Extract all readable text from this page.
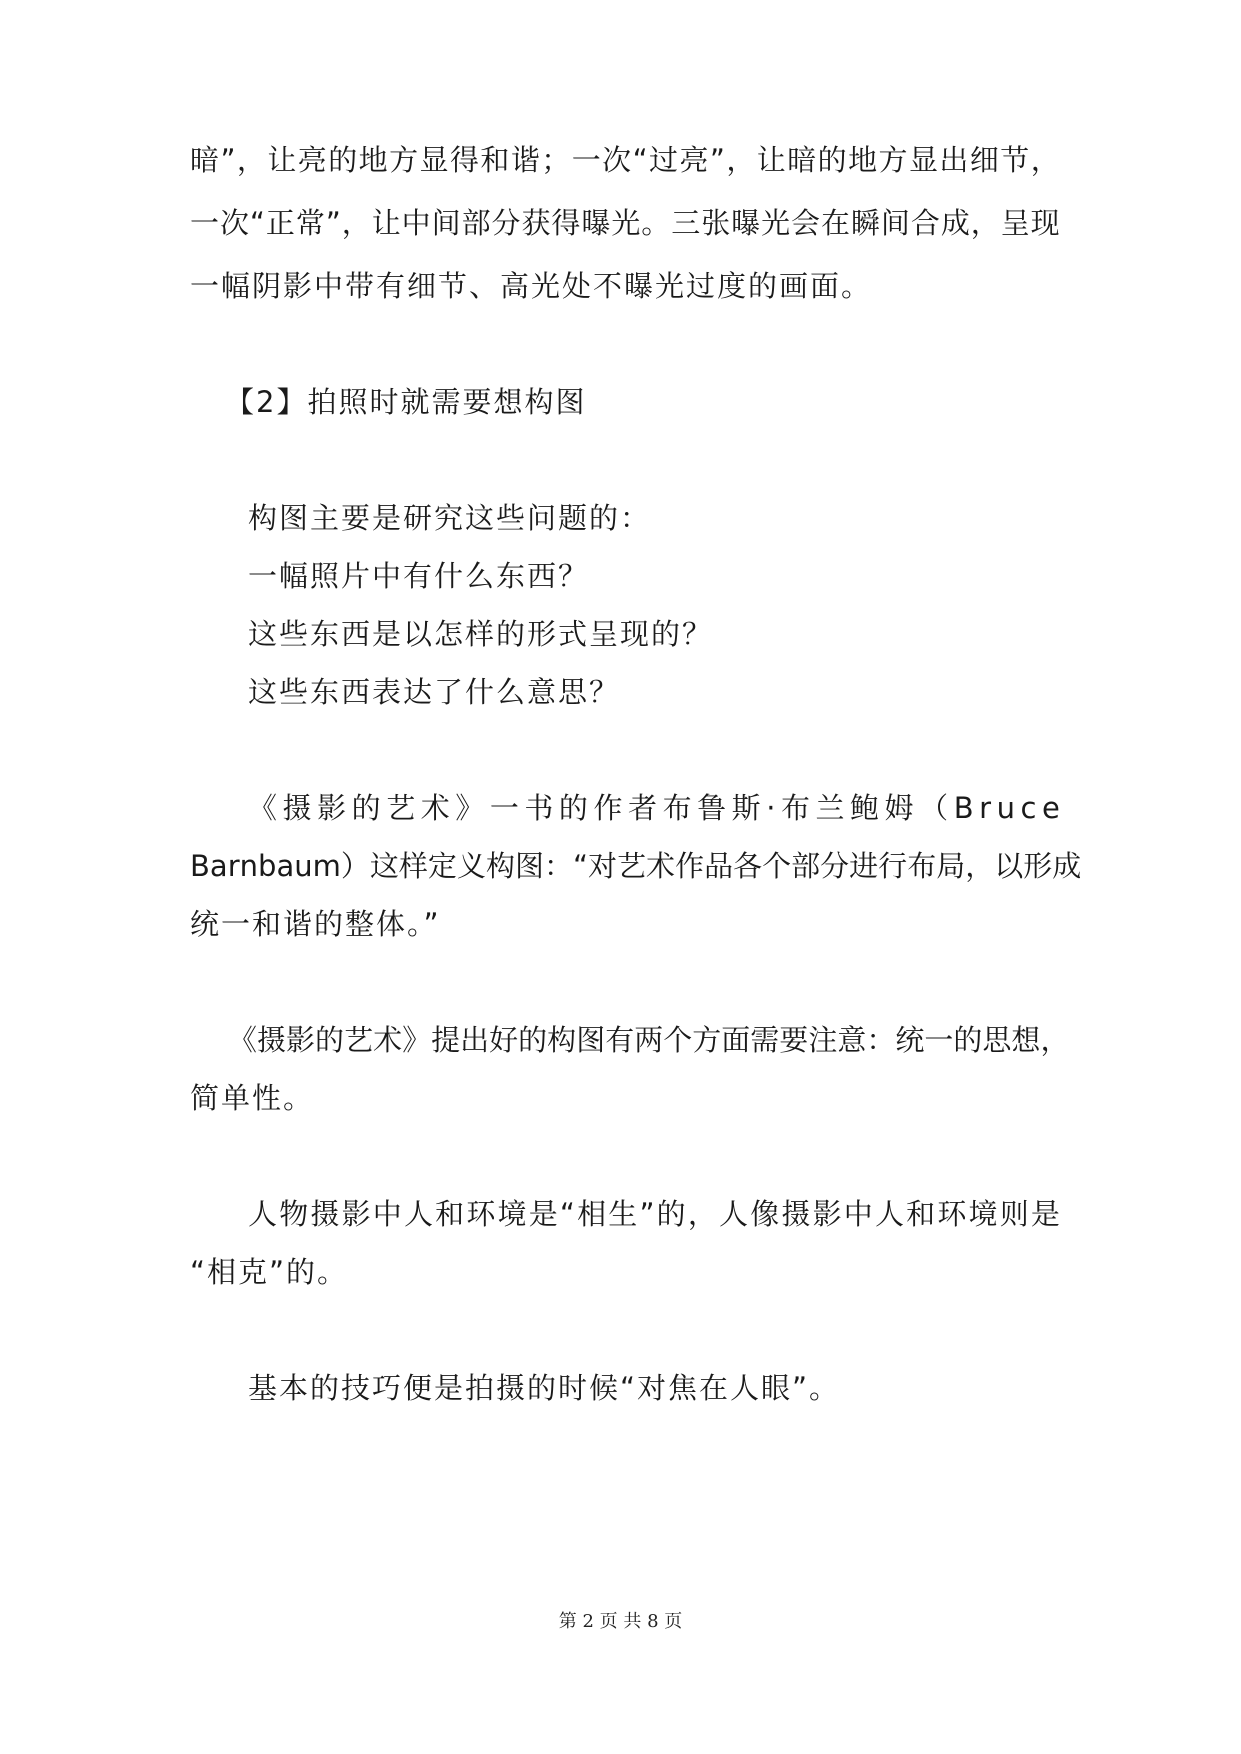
暗 ” ， 让 亮 的 地 方 显 得 和 谐 ； 一 次 “ 过 亮 ” ， 让 暗 的 地 方 显 出 细 节 ，
一 次 “ 正 常 ” ， 让 中 间 部 分 获 得 曝 光 。 三 张 曝 光 会 在 瞬 间 合 成 ， 呈 现
一幅阴影中带有细节、高光处不曝光过度的画面。
【2】拍照时就需要想构图
构图主要是研究这些问题的：
一幅照片中有什么东西？
这些东西是以怎样的形式呈现的？
这些东西表达了什么意思？
《 摄 影 的 艺 术 》 一 书 的 作 者 布 鲁 斯 · 布 兰 鲍 姆 （ B r u c e
B a r n b a u m ） 这 样 定 义 构 图 ： “ 对 艺 术 作 品 各 个 部 分 进 行 布 局 ， 以 形 成
统一和谐的整体。”
《 摄 影 的 艺 术 》 提 出 好 的 构 图 有 两 个 方 面 需 要 注 意 ： 统 一 的 思 想 ，
简单性。
人 物 摄 影 中 人 和 环 境 是 “ 相 生 ” 的 ， 人 像 摄 影 中 人 和 环 境 则 是
“相克”的。
基本的技巧便是拍摄的时候“对焦在人眼”。
第 2 页 共 8 页
